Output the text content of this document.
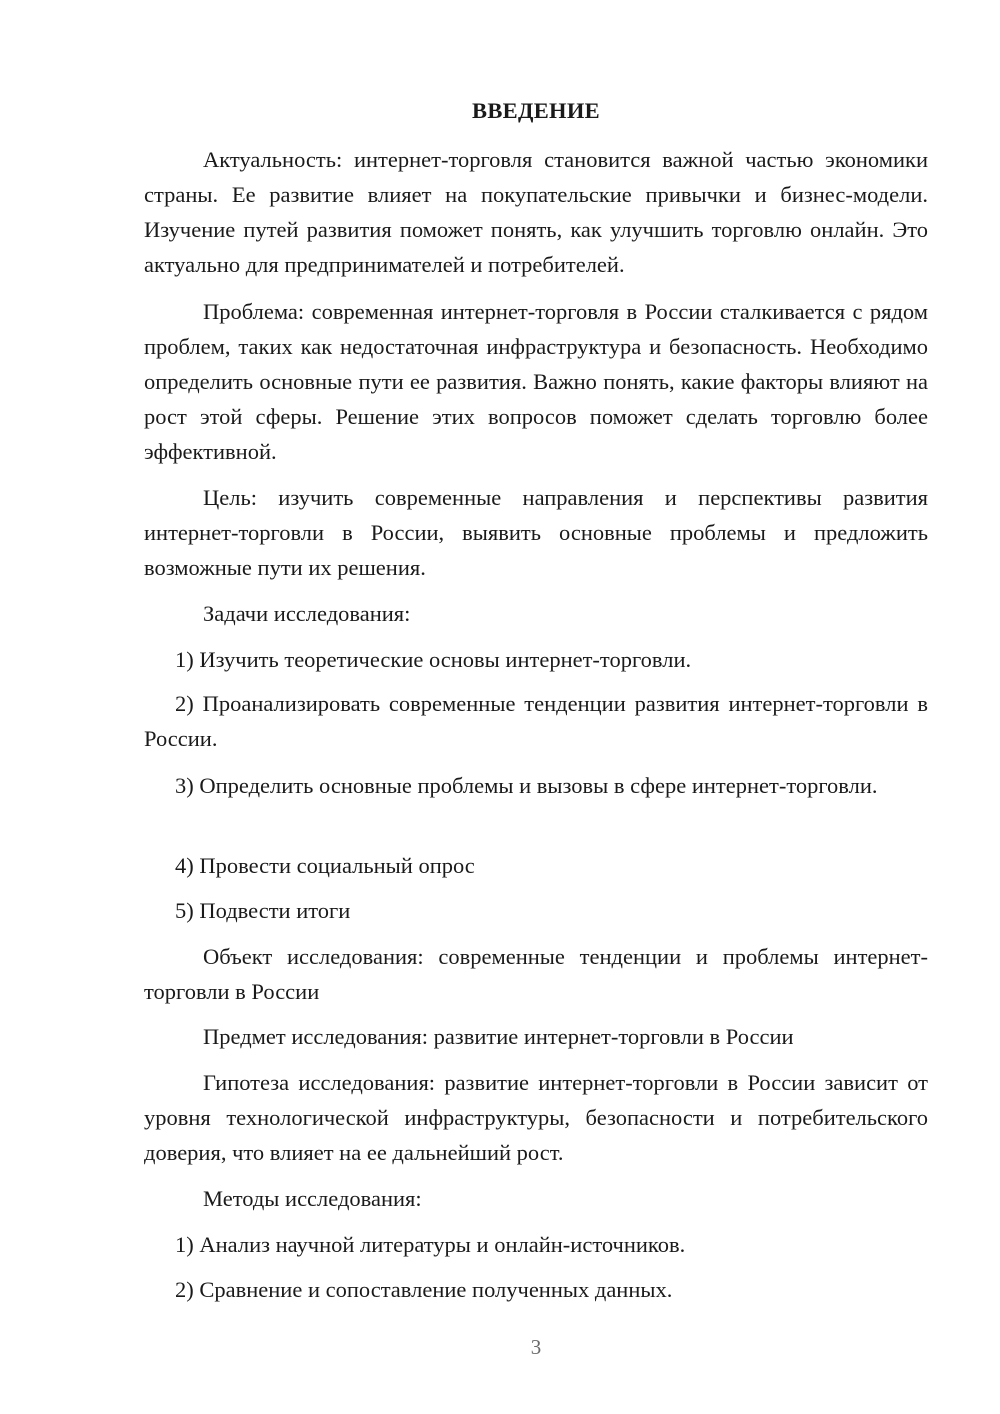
ВВЕДЕНИЕ
Актуальность: интернет-торговля становится важной частью экономики страны. Ее развитие влияет на покупательские привычки и бизнес-модели. Изучение путей развития поможет понять, как улучшить торговлю онлайн. Это актуально для предпринимателей и потребителей.
Проблема: современная интернет-торговля в России сталкивается с рядом проблем, таких как недостаточная инфраструктура и безопасность. Необходимо определить основные пути ее развития. Важно понять, какие факторы влияют на рост этой сферы. Решение этих вопросов поможет сделать торговлю более эффективной.
Цель: изучить современные направления и перспективы развития интернет-торговли в России, выявить основные проблемы и предложить возможные пути их решения.
Задачи исследования:
1) Изучить теоретические основы интернет-торговли.
2) Проанализировать современные тенденции развития интернет-торговли в России.
3) Определить основные проблемы и вызовы в сфере интернет-торговли.
4) Провести социальный опрос
5) Подвести итоги
Объект исследования: современные тенденции и проблемы интернет-торговли в России
Предмет исследования: развитие интернет-торговли в России
Гипотеза исследования: развитие интернет-торговли в России зависит от уровня технологической инфраструктуры, безопасности и потребительского доверия, что влияет на ее дальнейший рост.
Методы исследования:
1) Анализ научной литературы и онлайн-источников.
2) Сравнение и сопоставление полученных данных.
3
